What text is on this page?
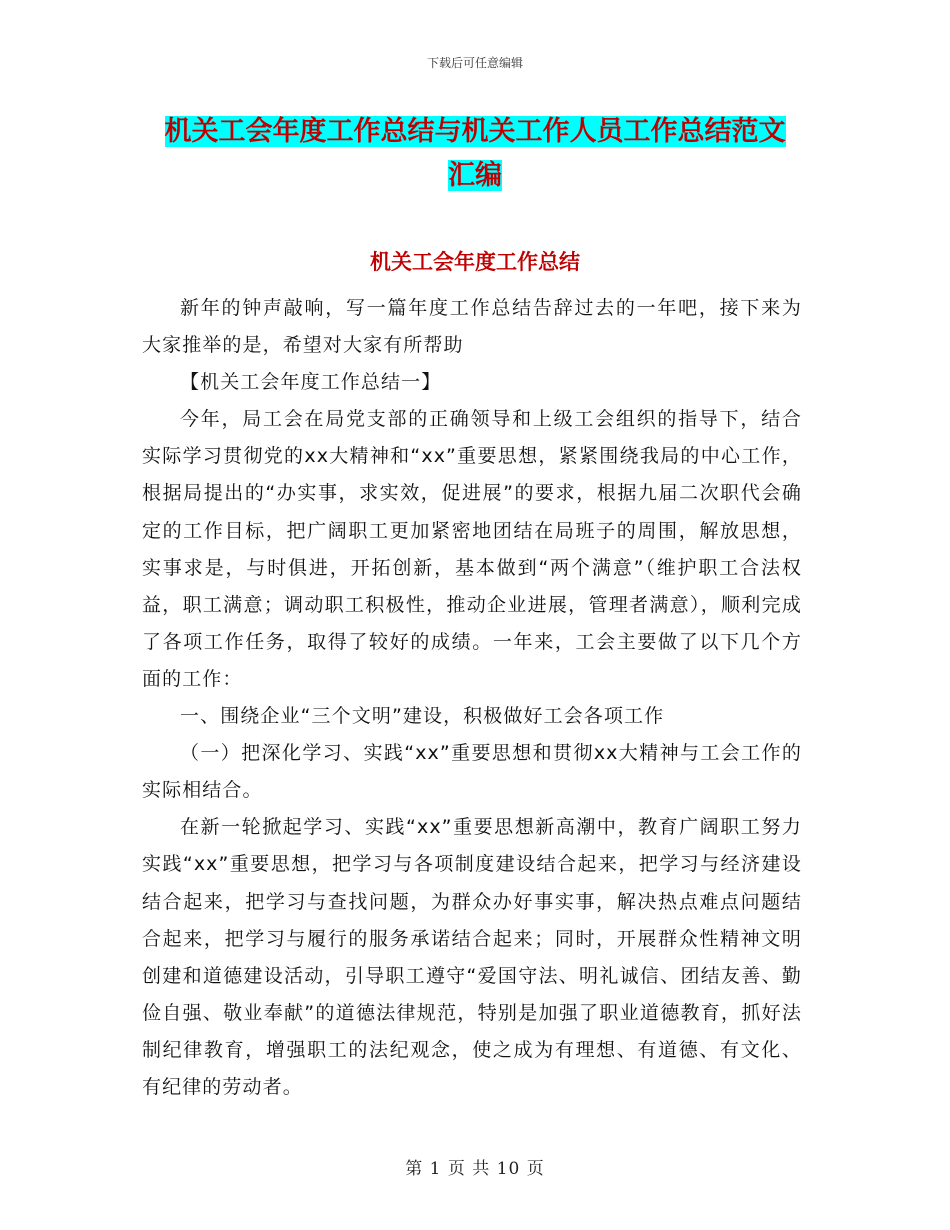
下载后可任意编辑
机关工会年度工作总结与机关工作人员工作总结范文
汇编
机关工会年度工作总结

新年的钟声敲响，写一篇年度工作总结告辞过去的一年吧，接下来为大家推举的是，希望对大家有所帮助

【机关工会年度工作总结一】

今年，局工会在局党支部的正确领导和上级工会组织的指导下，结合实际学习贯彻党的xx大精神和“xx”重要思想，紧紧围绕我局的中心工作，根据局提出的“办实事，求实效，促进展”的要求，根据九届二次职代会确定的工作目标，把广阔职工更加紧密地团结在局班子的周围，解放思想，实事求是，与时俱进，开拓创新，基本做到“两个满意”（维护职工合法权益，职工满意；调动职工积极性，推动企业进展，管理者满意），顺利完成了各项工作任务，取得了较好的成绩。一年来，工会主要做了以下几个方面的工作：

一、围绕企业“三个文明”建设，积极做好工会各项工作

（一）把深化学习、实践“xx”重要思想和贯彻xx大精神与工会工作的实际相结合。

在新一轮掀起学习、实践“xx”重要思想新高潮中，教育广阔职工努力实践“xx”重要思想，把学习与各项制度建设结合起来，把学习与经济建设结合起来，把学习与查找问题，为群众办好事实事，解决热点难点问题结合起来，把学习与履行的服务承诺结合起来；同时，开展群众性精神文明创建和道德建设活动，引导职工遵守“爱国守法、明礼诚信、团结友善、勤俭自强、敬业奉献”的道德法律规范，特别是加强了职业道德教育，抓好法制纪律教育，增强职工的法纪观念，使之成为有理想、有道德、有文化、有纪律的劳动者。

第 1 页 共 10 页
